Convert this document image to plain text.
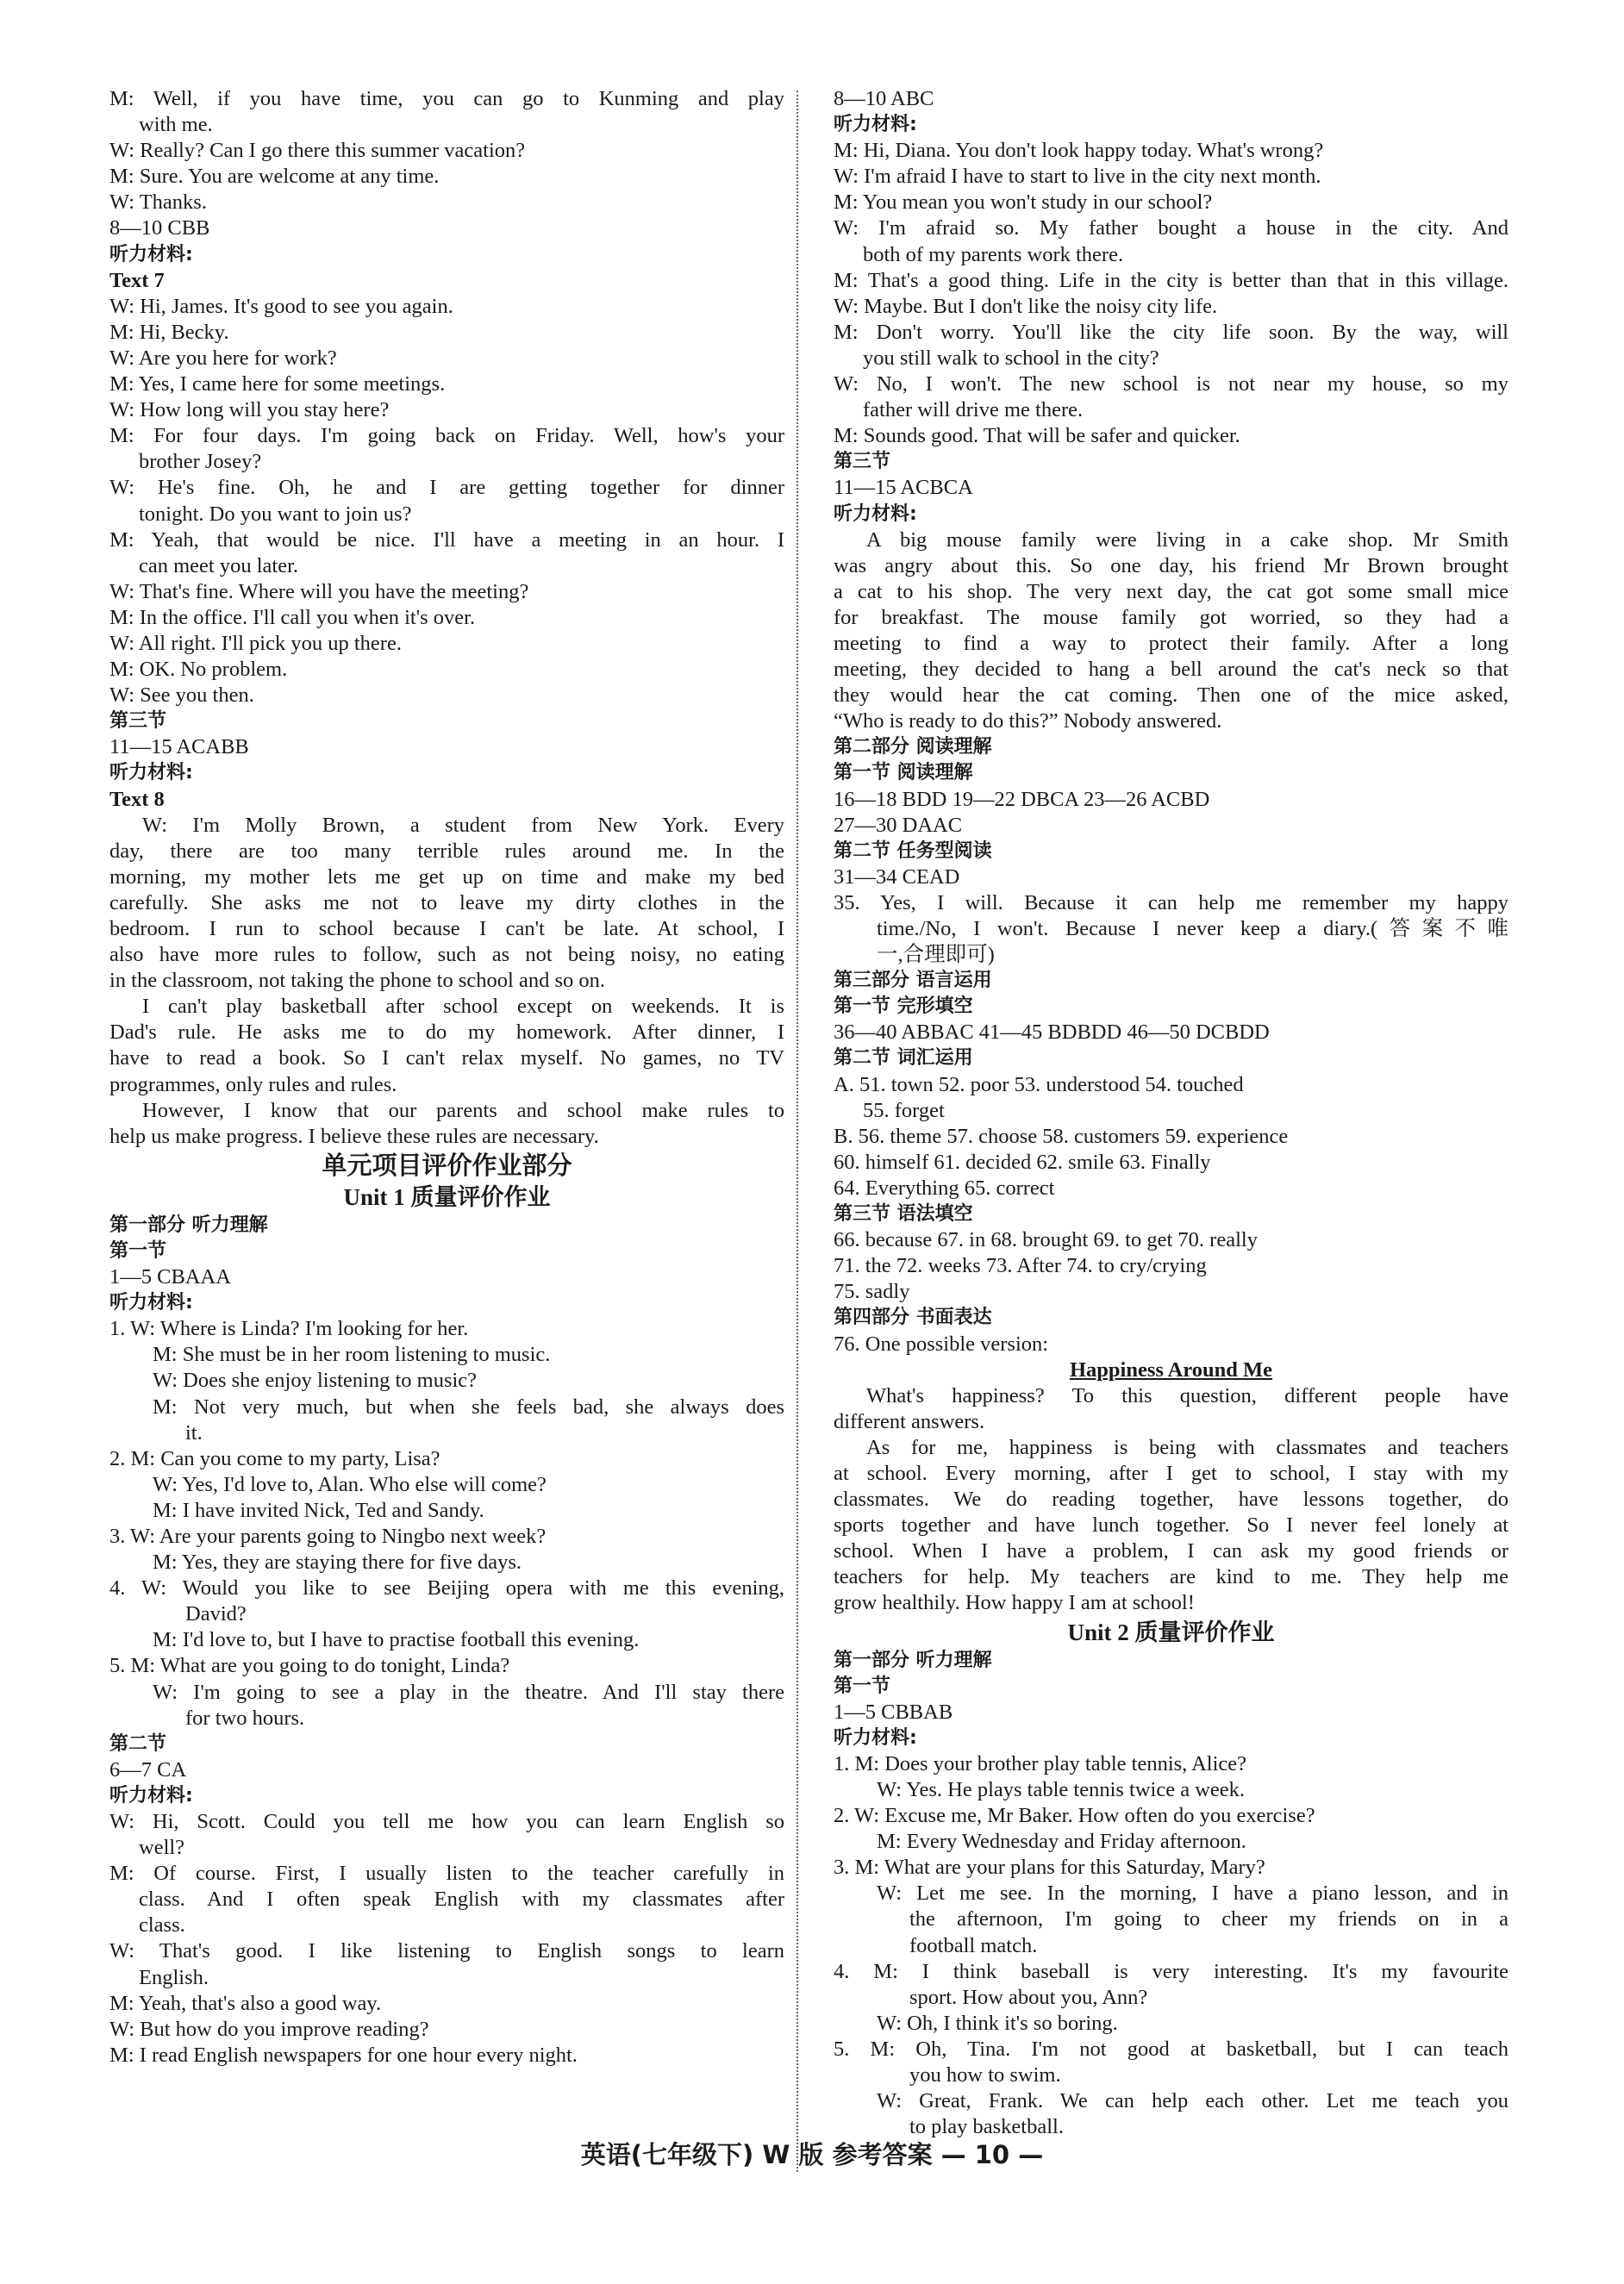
M: Well, if you have time, you can go to Kunming and play
with me.
W: Really? Can I go there this summer vacation?
M: Sure. You are welcome at any time.
W: Thanks.
8—10 CBB
听力材料:
Text 7
W: Hi, James. It's good to see you again.
M: Hi, Becky.
W: Are you here for work?
M: Yes, I came here for some meetings.
W: How long will you stay here?
M: For four days. I'm going back on Friday. Well, how's your
brother Josey?
W: He's fine. Oh, he and I are getting together for dinner
tonight. Do you want to join us?
M: Yeah, that would be nice. I'll have a meeting in an hour. I
can meet you later.
W: That's fine. Where will you have the meeting?
M: In the office. I'll call you when it's over.
W: All right. I'll pick you up there.
M: OK. No problem.
W: See you then.
第三节
11—15 ACABB
听力材料:
Text 8
W: I'm Molly Brown, a student from New York. Every
day, there are too many terrible rules around me. In the
morning, my mother lets me get up on time and make my bed
carefully. She asks me not to leave my dirty clothes in the
bedroom. I run to school because I can't be late. At school, I
also have more rules to follow, such as not being noisy, no eating
in the classroom, not taking the phone to school and so on.
I can't play basketball after school except on weekends. It is
Dad's rule. He asks me to do my homework. After dinner, I
have to read a book. So I can't relax myself. No games, no TV
programmes, only rules and rules.
However, I know that our parents and school make rules to
help us make progress. I believe these rules are necessary.
单元项目评价作业部分
Unit 1 质量评价作业
第一部分 听力理解
第一节
1—5 CBAAA
听力材料:
1. W: Where is Linda? I'm looking for her.
M: She must be in her room listening to music.
W: Does she enjoy listening to music?
M: Not very much, but when she feels bad, she always does
it.
2. M: Can you come to my party, Lisa?
W: Yes, I'd love to, Alan. Who else will come?
M: I have invited Nick, Ted and Sandy.
3. W: Are your parents going to Ningbo next week?
M: Yes, they are staying there for five days.
4. W: Would you like to see Beijing opera with me this evening,
David?
M: I'd love to, but I have to practise football this evening.
5. M: What are you going to do tonight, Linda?
W: I'm going to see a play in the theatre. And I'll stay there
for two hours.
第二节
6—7 CA
听力材料:
W: Hi, Scott. Could you tell me how you can learn English so
well?
M: Of course. First, I usually listen to the teacher carefully in
class. And I often speak English with my classmates after
class.
W: That's good. I like listening to English songs to learn
English.
M: Yeah, that's also a good way.
W: But how do you improve reading?
M: I read English newspapers for one hour every night.
8—10 ABC
听力材料:
M: Hi, Diana. You don't look happy today. What's wrong?
W: I'm afraid I have to start to live in the city next month.
M: You mean you won't study in our school?
W: I'm afraid so. My father bought a house in the city. And
both of my parents work there.
M: That's a good thing. Life in the city is better than that in this village.
W: Maybe. But I don't like the noisy city life.
M: Don't worry. You'll like the city life soon. By the way, will
you still walk to school in the city?
W: No, I won't. The new school is not near my house, so my
father will drive me there.
M: Sounds good. That will be safer and quicker.
第三节
11—15 ACBCA
听力材料:
A big mouse family were living in a cake shop. Mr Smith
was angry about this. So one day, his friend Mr Brown brought
a cat to his shop. The very next day, the cat got some small mice
for breakfast. The mouse family got worried, so they had a
meeting to find a way to protect their family. After a long
meeting, they decided to hang a bell around the cat's neck so that
they would hear the cat coming. Then one of the mice asked,
“Who is ready to do this?” Nobody answered.
第二部分 阅读理解
第一节 阅读理解
16—18 BDD 19—22 DBCA 23—26 ACBD
27—30 DAAC
第二节 任务型阅读
31—34 CEAD
35. Yes, I will. Because it can help me remember my happy
time./No, I won't. Because I never keep a diary.(答案不唯
一,合理即可)
第三部分 语言运用
第一节 完形填空
36—40 ABBAC 41—45 BDBDD 46—50 DCBDD
第二节 词汇运用
A. 51. town 52. poor 53. understood 54. touched
55. forget
B. 56. theme 57. choose 58. customers 59. experience
60. himself 61. decided 62. smile 63. Finally
64. Everything 65. correct
第三节 语法填空
66. because 67. in 68. brought 69. to get 70. really
71. the 72. weeks 73. After 74. to cry/crying
75. sadly
第四部分 书面表达
76. One possible version:
Happiness Around Me
What's happiness? To this question, different people have
different answers.
As for me, happiness is being with classmates and teachers
at school. Every morning, after I get to school, I stay with my
classmates. We do reading together, have lessons together, do
sports together and have lunch together. So I never feel lonely at
school. When I have a problem, I can ask my good friends or
teachers for help. My teachers are kind to me. They help me
grow healthily. How happy I am at school!
Unit 2 质量评价作业
第一部分 听力理解
第一节
1—5 CBBAB
听力材料:
1. M: Does your brother play table tennis, Alice?
W: Yes. He plays table tennis twice a week.
2. W: Excuse me, Mr Baker. How often do you exercise?
M: Every Wednesday and Friday afternoon.
3. M: What are your plans for this Saturday, Mary?
W: Let me see. In the morning, I have a piano lesson, and in
the afternoon, I'm going to cheer my friends on in a
football match.
4. M: I think baseball is very interesting. It's my favourite
sport. How about you, Ann?
W: Oh, I think it's so boring.
5. M: Oh, Tina. I'm not good at basketball, but I can teach
you how to swim.
W: Great, Frank. We can help each other. Let me teach you
to play basketball.
英语(七年级下) W 版 参考答案 — 10 —
